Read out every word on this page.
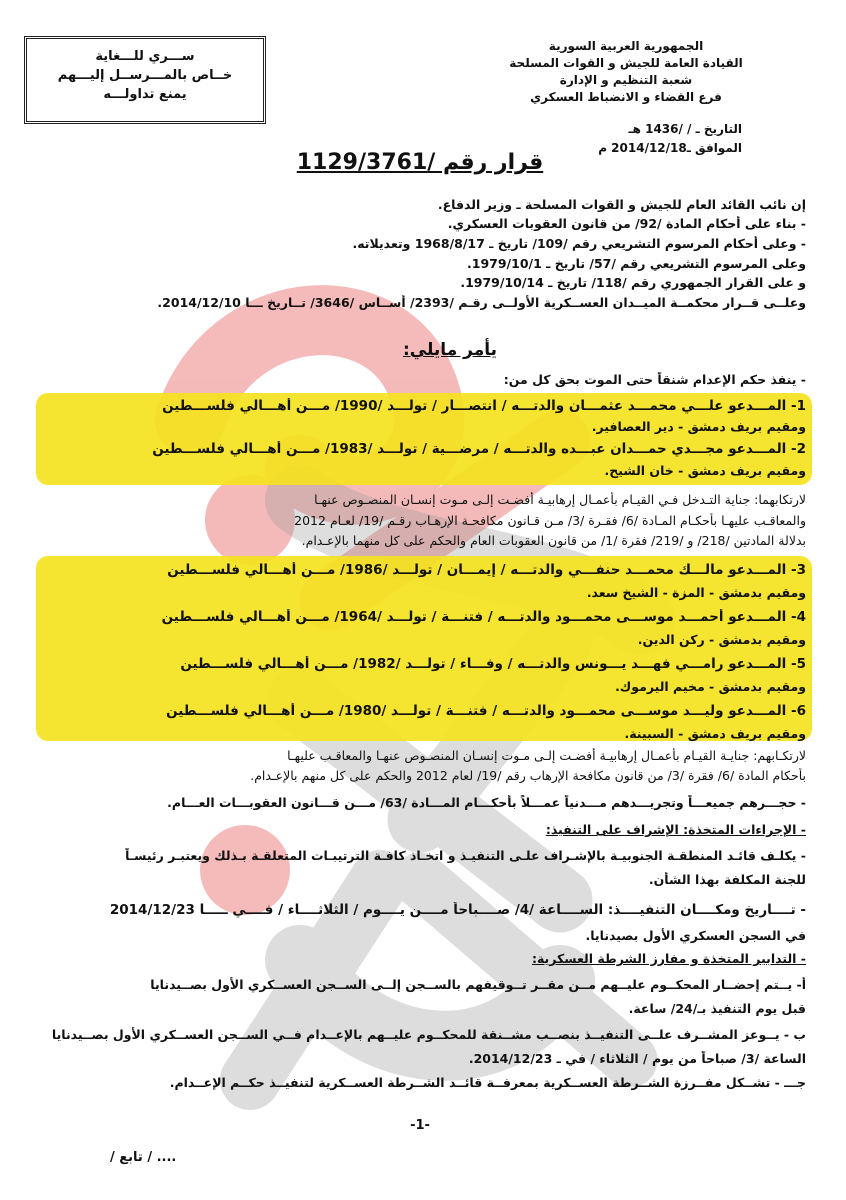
ســـري للـــغاية
خــاص بالمـــرســل إليـــهم
يمنع تداولـــه
الجمهورية العربية السورية
القيادة العامة للجيش و القوات المسلحة
شعبة التنظيم و الإدارة
فرع القضاء و الانضباط العسكري
التاريخ ـ / /1436 هـ
الموافق ـ2014/12/18 م
قرار رقم /1129/3761
إن نائب القائد العام للجيش و القوات المسلحة ـ وزير الدفاع.
- بناء على أحكام المادة /92/ من قانون العقوبات العسكري.
- وعلى أحكام المرسوم التشريعي رقم /109/ تاريخ ـ 1968/8/17 وتعديلاته.
وعلى المرسوم التشريعي رقم /57/ تاريخ ـ 1979/10/1.
و على القرار الجمهوري رقم /118/ تاريخ ـ 1979/10/14.
وعلــى قــرار محكمــة الميــدان العســكرية الأولــى رقـم /2393/ أســاس /3646/ تــاريخ ـــا 2014/12/10.
يأمر مايلي:
- ينفذ حكم الإعدام شنقاً حتى الموت بحق كل من:
1- المـــدعو علـــي محمـــد عثمـــان والدتـــه / انتصـــار / تولـــد /1990/ مـــن أهـــالي فلســـطين
ومقيم بريف دمشق - دير العصافير.
2- المـــدعو مجـــدي حمـــدان عبـــده والدتـــه / مرضـــية / تولـــد /1983/ مـــن أهـــالي فلســـطين
ومقيم بريف دمشق - خان الشيح.
لارتكابهما: جناية التـدخل فـي القيـام بأعمـال إرهابيـة أفضـت إلـى مـوت إنسـان المنصـوص عنهـا
والمعاقـب عليهـا بأحكـام المـادة /6/ فقـرة /3/ مـن قـانون مكافحـة الإرهـاب رقـم /19/ لعـام 2012
بدلالة المادتين /218/ و /219/ فقرة /1/ من قانون العقوبات العام والحكم على كل منهما بالإعـدام.
3- المـــدعو مالـــك محمـــد حنفـــي والدتـــه / إيمـــان / تولـــد /1986/ مـــن أهـــالي فلســـطين
ومقيم بدمشق - المزة - الشيخ سعد.
4- المـــدعو أحمـــد موســـى محمـــود والدتـــه / فتنـــة / تولـــد /1964/ مـــن أهـــالي فلســـطين
ومقيم بدمشق - ركن الدين.
5- المـــدعو رامـــي فهـــد يـــونس والدتـــه / وفـــاء / تولـــد /1982/ مـــن أهـــالي فلســـطين
ومقيم بدمشق - مخيم اليرموك.
6- المـــدعو وليـــد موســـى محمـــود والدتـــه / فتنـــة / تولـــد /1980/ مـــن أهـــالي فلســـطين
ومقيم بريف دمشق - السبينة.
لارتكـابهم: جنايـة القيـام بأعمـال إرهابيـة أفضـت إلـى مـوت إنسـان المنصـوص عنهـا والمعاقـب عليهـا
بأحكام المادة /6/ فقرة /3/ من قانون مكافحة الإرهاب رقم /19/ لعام 2012 والحكم على كل منهم بالإعـدام.
- حجـــرهم جميعـــاً وتجريـــدهم مـــدنياً عمـــلاً بأحكـــام المـــادة /63/ مـــن قـــانون العقوبـــات العـــام.
- الإجراءات المتخذة: الإشراف على التنفيذ:
- يكلـف قائـد المنطقـة الجنوبيـة بالإشـراف علـى التنفيـذ و اتخـاذ كافـة الترتيبـات المتعلقـة بـذلك ويعتبـر رئيسـاً
للجنة المكلفة بهذا الشأن.
- تــــاريخ ومكــــان التنفيــــذ: الســــاعة /4/ صــــباحاً مــــن يــــوم / الثلاثــــاء / فــــي ـــــا 2014/12/23
في السجن العسكري الأول بصيدنايا.
- التدابير المتخذة و مفارز الشرطة العسكرية:
أ- يــتم إحضــار المحكــوم عليــهم مــن مقــر تــوقيفهم بالســجن إلــى الســجن العســكري الأول بصــيدنايا
قبل يوم التنفيذ بـ/24/ ساعة.
ب - يــوعز المشــرف علــى التنفيــذ بنصــب مشــنقة للمحكــوم عليــهم بالإعــدام فــي الســجن العســكري الأول بصــيدنايا
الساعة /3/ صباحاً من يوم / الثلاثاء / في ـ 2014/12/23.
جـــ - تشــكل مفــرزة الشــرطة العســكرية بمعرفــة قائــد الشــرطة العســكرية لتنفيــذ حكــم الإعــدام.
-1-
/ تابع / ....
